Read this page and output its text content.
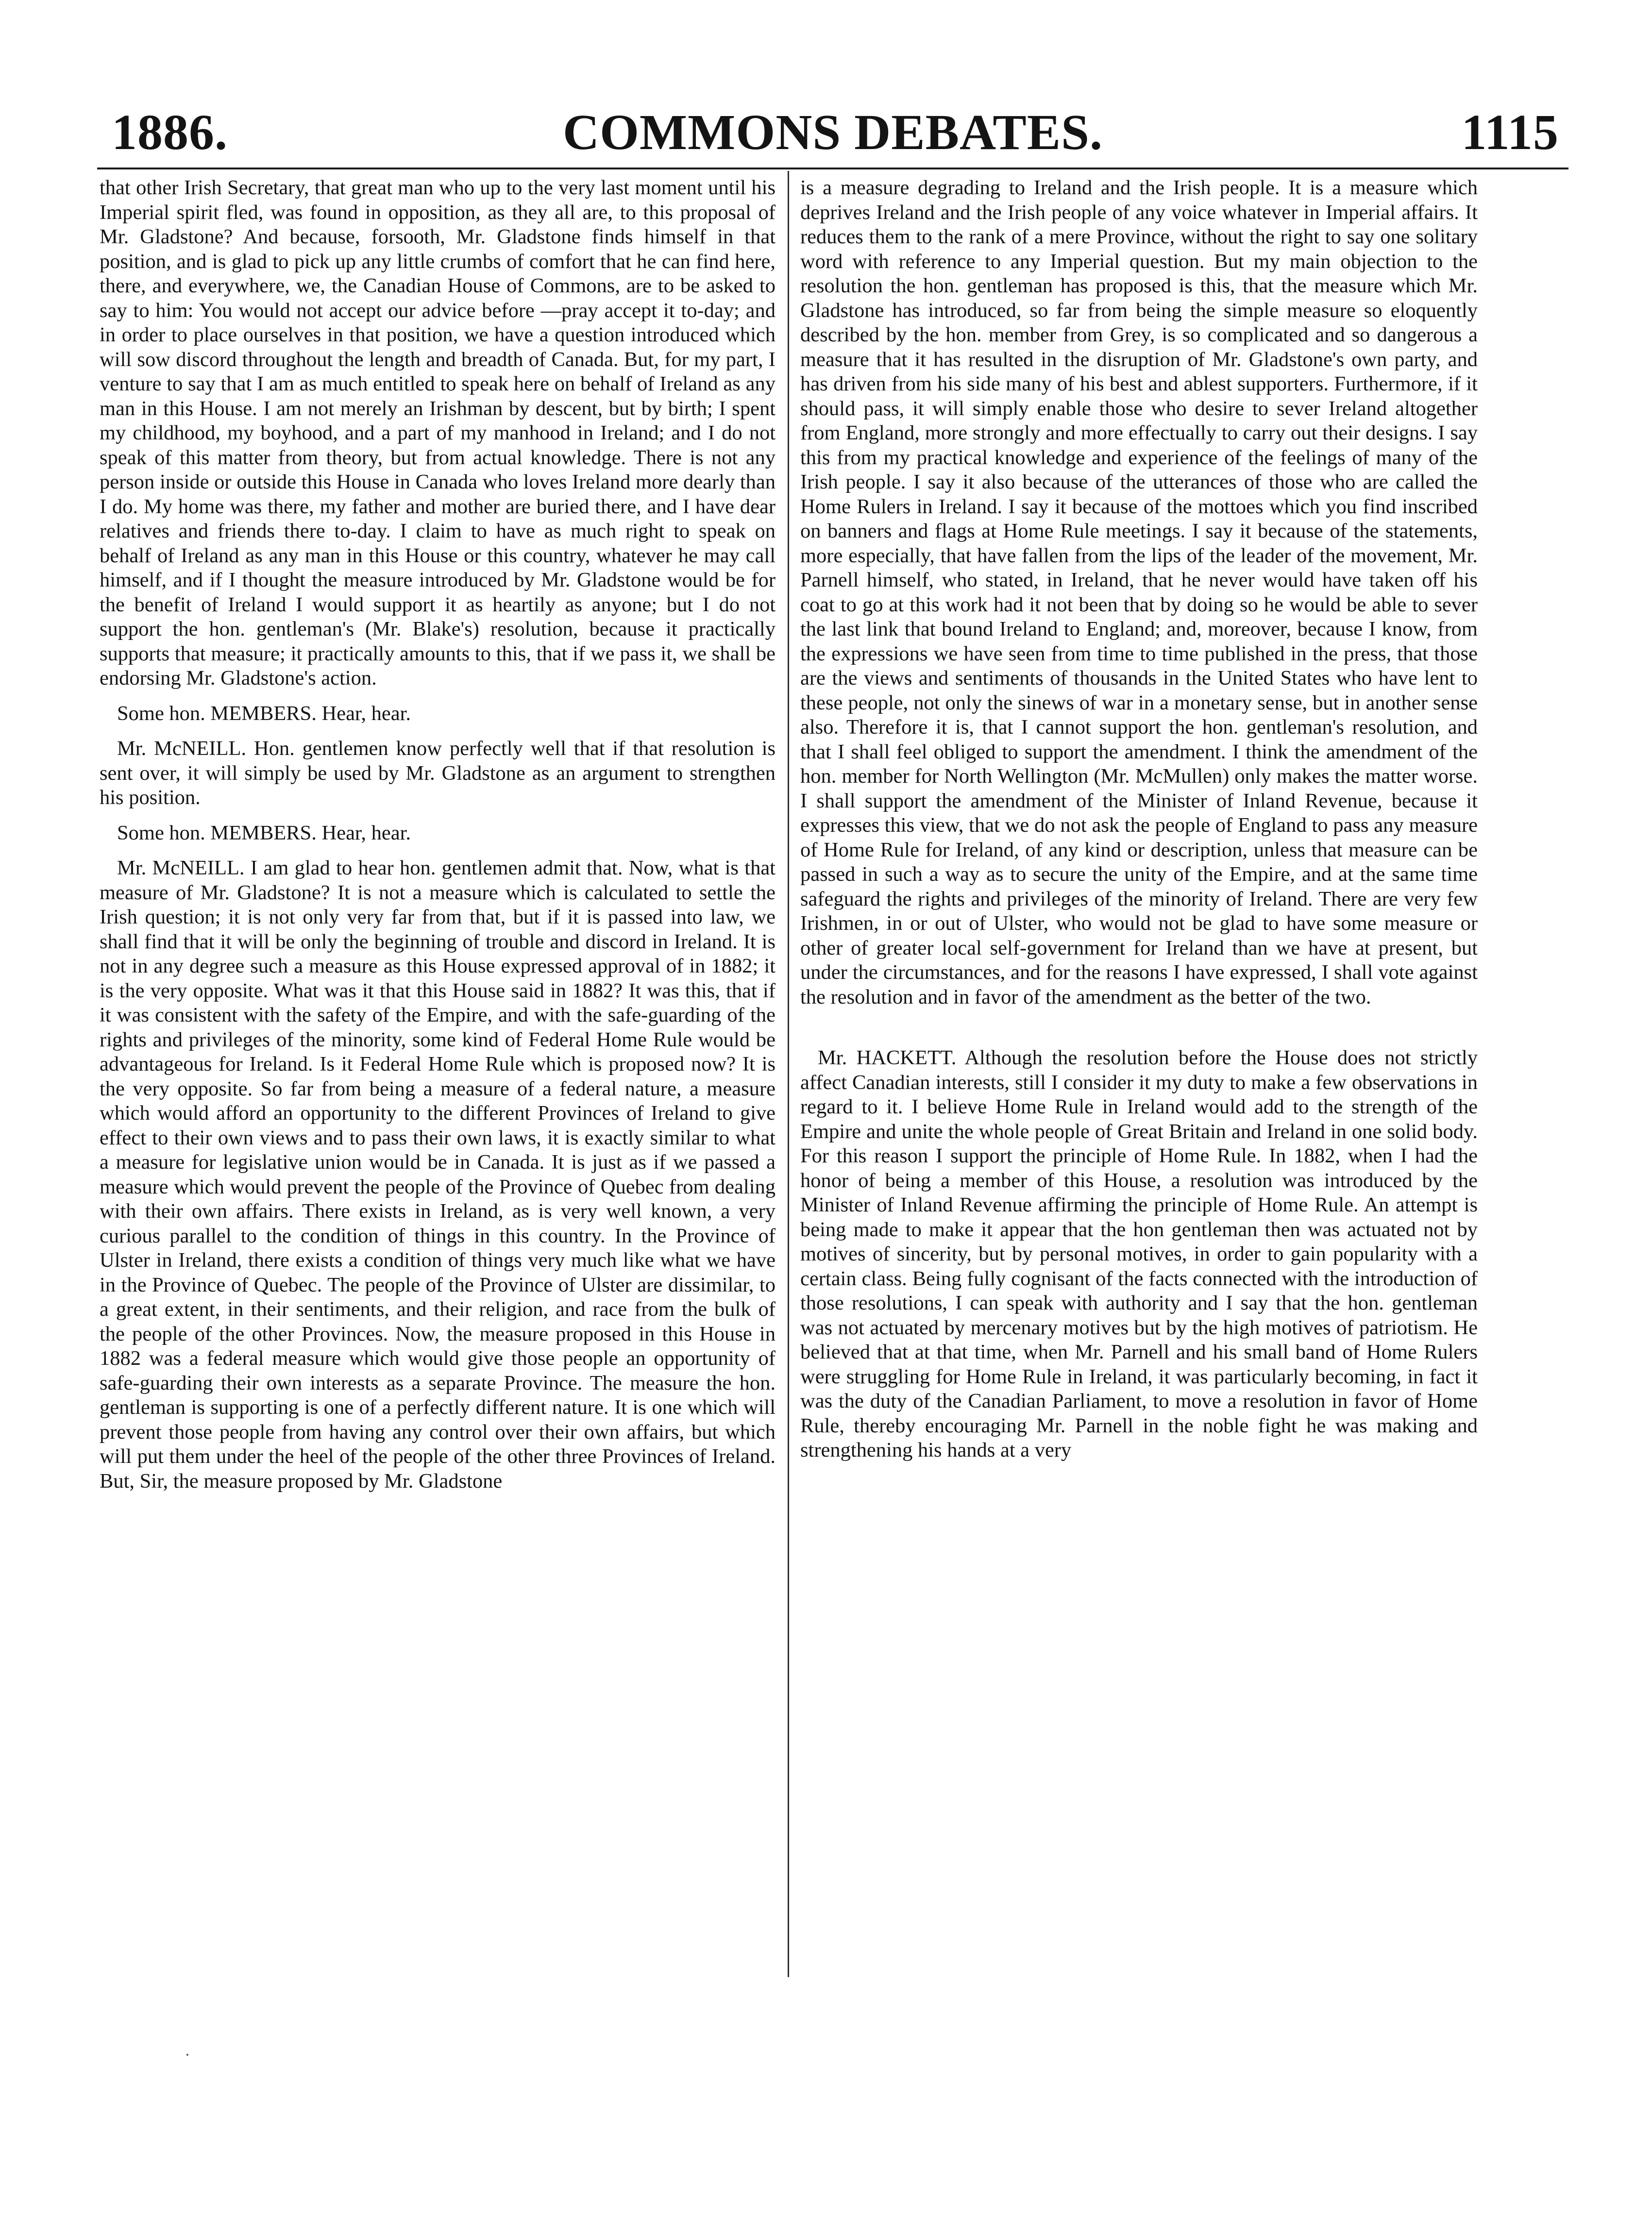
1886.	COMMONS DEBATES.	1115

that other Irish Secretary, that great man who up to the very last moment until his Imperial spirit fled, was found in opposition, as they all are, to this proposal of Mr. Gladstone? And because, forsooth, Mr. Gladstone finds himself in that position, and is glad to pick up any little crumbs of comfort that he can find here, there, and everywhere, we, the Canadian House of Commons, are to be asked to say to him: You would not accept our advice before —pray accept it to-day; and in order to place ourselves in that position, we have a question introduced which will sow discord throughout the length and breadth of Canada. But, for my part, I venture to say that I am as much entitled to speak here on behalf of Ireland as any man in this House. I am not merely an Irishman by descent, but by birth; I spent my childhood, my boyhood, and a part of my manhood in Ireland; and I do not speak of this matter from theory, but from actual knowledge. There is not any person inside or outside this House in Canada who loves Ireland more dearly than I do. My home was there, my father and mother are buried there, and I have dear relatives and friends there to-day. I claim to have as much right to speak on behalf of Ireland as any man in this House or this country, whatever he may call himself, and if I thought the measure introduced by Mr. Gladstone would be for the benefit of Ireland I would support it as heartily as anyone; but I do not support the hon. gentleman's (Mr. Blake's) resolution, because it practically supports that measure; it practically amounts to this, that if we pass it, we shall be endorsing Mr. Gladstone's action.

Some hon. MEMBERS. Hear, hear.

Mr. McNEILL. Hon. gentlemen know perfectly well that if that resolution is sent over, it will simply be used by Mr. Gladstone as an argument to strengthen his position.

Some hon. MEMBERS. Hear, hear.

Mr. McNEILL. I am glad to hear hon. gentlemen admit that. Now, what is that measure of Mr. Gladstone? It is not a measure which is calculated to settle the Irish question; it is not only very far from that, but if it is passed into law, we shall find that it will be only the beginning of trouble and discord in Ireland. It is not in any degree such a measure as this House expressed approval of in 1882; it is the very opposite. What was it that this House said in 1882? It was this, that if it was consistent with the safety of the Empire, and with the safe-guarding of the rights and privileges of the minority, some kind of Federal Home Rule would be advantageous for Ireland. Is it Federal Home Rule which is proposed now? It is the very opposite. So far from being a measure of a federal nature, a measure which would afford an opportunity to the different Provinces of Ireland to give effect to their own views and to pass their own laws, it is exactly similar to what a measure for legislative union would be in Canada. It is just as if we passed a measure which would prevent the people of the Province of Quebec from dealing with their own affairs. There exists in Ireland, as is very well known, a very curious parallel to the condition of things in this country. In the Province of Ulster in Ireland, there exists a condition of things very much like what we have in the Province of Quebec. The people of the Province of Ulster are dissimilar, to a great extent, in their sentiments, and their religion, and race from the bulk of the people of the other Provinces. Now, the measure proposed in this House in 1882 was a federal measure which would give those people an opportunity of safe-guarding their own interests as a separate Province. The measure the hon. gentleman is supporting is one of a perfectly different nature. It is one which will prevent those people from having any control over their own affairs, but which will put them under the heel of the people of the other three Provinces of Ireland. But, Sir, the measure proposed by Mr. Gladstone

is a measure degrading to Ireland and the Irish people. It is a measure which deprives Ireland and the Irish people of any voice whatever in Imperial affairs. It reduces them to the rank of a mere Province, without the right to say one solitary word with reference to any Imperial question. But my main objection to the resolution the hon. gentleman has proposed is this, that the measure which Mr. Gladstone has introduced, so far from being the simple measure so eloquently described by the hon. member from Grey, is so complicated and so dangerous a measure that it has resulted in the disruption of Mr. Gladstone's own party, and has driven from his side many of his best and ablest supporters. Furthermore, if it should pass, it will simply enable those who desire to sever Ireland altogether from England, more strongly and more effectually to carry out their designs. I say this from my practical knowledge and experience of the feelings of many of the Irish people. I say it also because of the utterances of those who are called the Home Rulers in Ireland. I say it because of the mottoes which you find inscribed on banners and flags at Home Rule meetings. I say it because of the statements, more especially, that have fallen from the lips of the leader of the movement, Mr. Parnell himself, who stated, in Ireland, that he never would have taken off his coat to go at this work had it not been that by doing so he would be able to sever the last link that bound Ireland to England; and, moreover, because I know, from the expressions we have seen from time to time published in the press, that those are the views and sentiments of thousands in the United States who have lent to these people, not only the sinews of war in a monetary sense, but in another sense also. Therefore it is, that I cannot support the hon. gentleman's resolution, and that I shall feel obliged to support the amendment. I think the amendment of the hon. member for North Wellington (Mr. McMullen) only makes the matter worse. I shall support the amendment of the Minister of Inland Revenue, because it expresses this view, that we do not ask the people of England to pass any measure of Home Rule for Ireland, of any kind or description, unless that measure can be passed in such a way as to secure the unity of the Empire, and at the same time safeguard the rights and privileges of the minority of Ireland. There are very few Irishmen, in or out of Ulster, who would not be glad to have some measure or other of greater local self-government for Ireland than we have at present, but under the circumstances, and for the reasons I have expressed, I shall vote against the resolution and in favor of the amendment as the better of the two.

Mr. HACKETT. Although the resolution before the House does not strictly affect Canadian interests, still I consider it my duty to make a few observations in regard to it. I believe Home Rule in Ireland would add to the strength of the Empire and unite the whole people of Great Britain and Ireland in one solid body. For this reason I support the principle of Home Rule. In 1882, when I had the honor of being a member of this House, a resolution was introduced by the Minister of Inland Revenue affirming the principle of Home Rule. An attempt is being made to make it appear that the hon gentleman then was actuated not by motives of sincerity, but by personal motives, in order to gain popularity with a certain class. Being fully cognisant of the facts connected with the introduction of those resolutions, I can speak with authority and I say that the hon. gentleman was not actuated by mercenary motives but by the high motives of patriotism. He believed that at that time, when Mr. Parnell and his small band of Home Rulers were struggling for Home Rule in Ireland, it was particularly becoming, in fact it was the duty of the Canadian Parliament, to move a resolution in favor of Home Rule, thereby encouraging Mr. Parnell in the noble fight he was making and strengthening his hands at a very
